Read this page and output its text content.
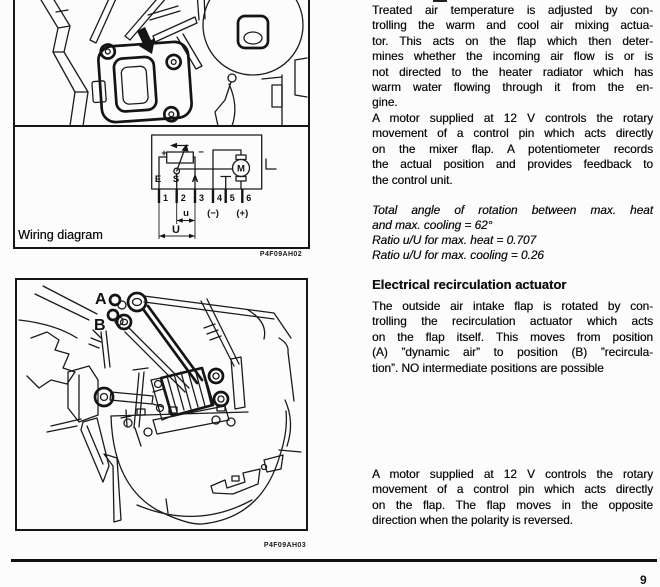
+	−
M
E S A
1 2 3 4 5 6
(−) (+)
u
U
Wiring diagram
P4F09AH02
A
B
P4F09AH03
Treated air temperature is adjusted by con-
trolling the warm and cool air mixing actua-
tor. This acts on the flap which then deter-
mines whether the incoming air flow is or is
not directed to the heater radiator which has
warm water flowing through it from the en-
gine.
A motor supplied at 12 V controls the rotary
movement of a control pin which acts directly
on the mixer flap. A potentiometer records
the actual position and provides feedback to
the control unit.
Total angle of rotation between max. heat
and max. cooling = 62°
Ratio u/U for max. heat = 0.707
Ratio u/U for max. cooling = 0.26
Electrical recirculation actuator
The outside air intake flap is rotated by con-
trolling the recirculation actuator which acts
on the flap itself. This moves from position
(A) ”dynamic air” to position (B) ”recircula-
tion”. NO intermediate positions are possible
A motor supplied at 12 V controls the rotary
movement of a control pin which acts directly
on the flap. The flap moves in the opposite
direction when the polarity is reversed.
9
